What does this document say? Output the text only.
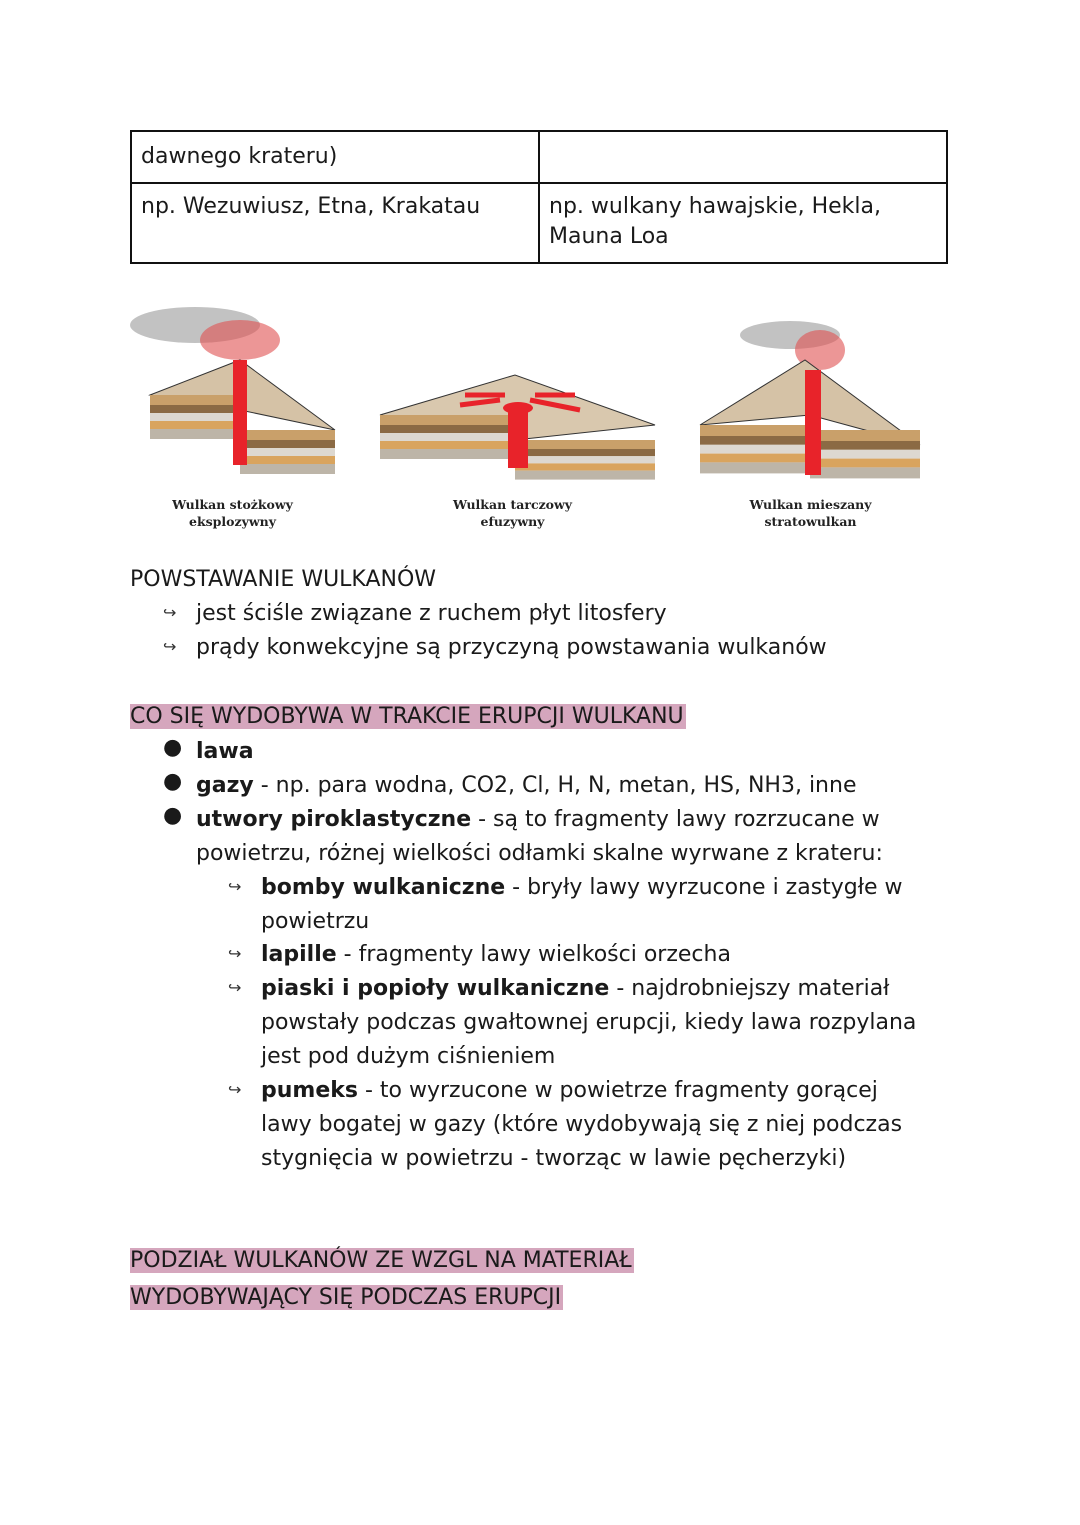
dawnego krateru)	
np. Wezuwiusz, Etna, Krakatau	np. wulkany hawajskie, Hekla, Mauna Loa
Wulkan stożkowy
eksplozywny
Wulkan tarczowy
efuzywny
Wulkan mieszany
stratowulkan
POWSTAWANIE WULKANÓW
↪ jest ściśle związane z ruchem płyt litosfery
↪ prądy konwekcyjne są przyczyną powstawania wulkanów
CO SIĘ WYDOBYWA W TRAKCIE ERUPCJI WULKANU
● lawa
● gazy - np. para wodna, CO2, Cl, H, N, metan, HS, NH3, inne
● utwory piroklastyczne - są to fragmenty lawy rozrzucane w
powietrzu, różnej wielkości odłamki skalne wyrwane z krateru:
↪ bomby wulkaniczne - bryły lawy wyrzucone i zastygłe w
powietrzu
↪ lapille - fragmenty lawy wielkości orzecha
↪ piaski i popioły wulkaniczne - najdrobniejszy materiał
powstały podczas gwałtownej erupcji, kiedy lawa rozpylana
jest pod dużym ciśnieniem
↪ pumeks - to wyrzucone w powietrze fragmenty gorącej
lawy bogatej w gazy (które wydobywają się z niej podczas
stygnięcia w powietrzu - tworząc w lawie pęcherzyki)
PODZIAŁ WULKANÓW ZE WZGL NA MATERIAŁ
WYDOBYWAJĄCY SIĘ PODCZAS ERUPCJI
